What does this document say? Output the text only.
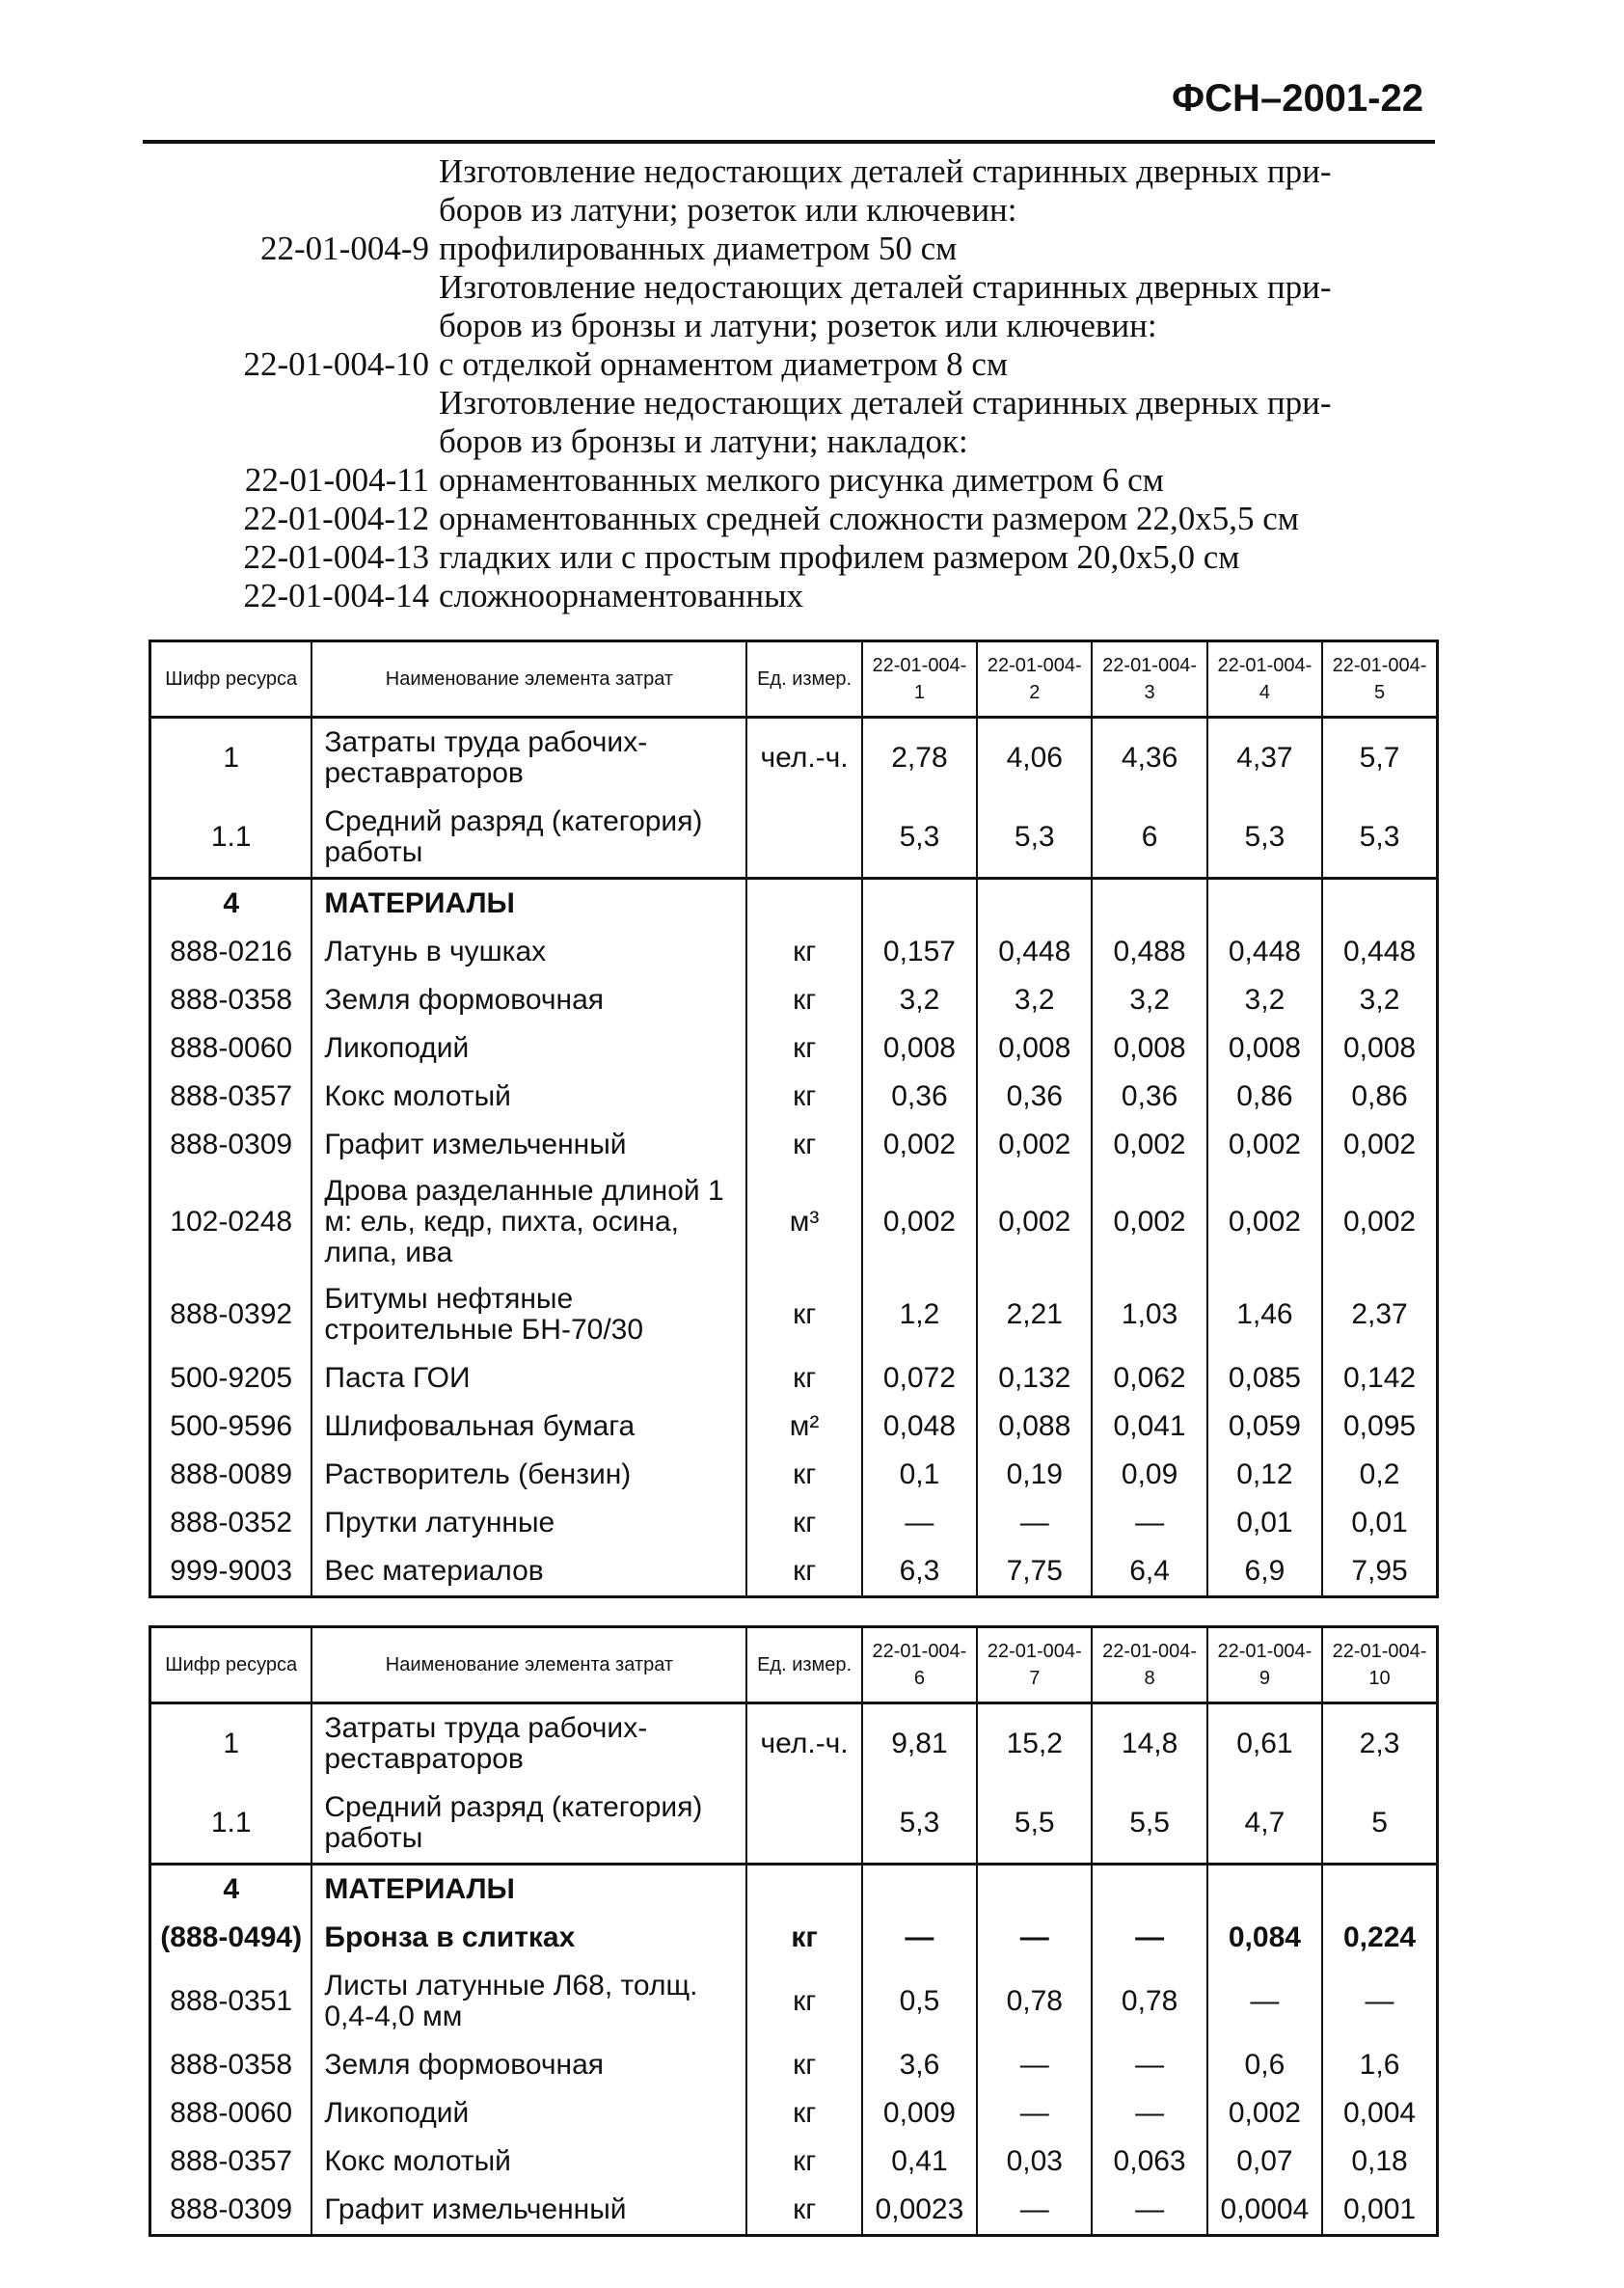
ФСН–2001-22
Изготовление недостающих деталей старинных дверных при-
боров из латуни; розеток или ключевин:
22-01-004-9 профилированных диаметром 50 см
Изготовление недостающих деталей старинных дверных при-
боров из бронзы и латуни; розеток или ключевин:
22-01-004-10 с отделкой орнаментом диаметром 8 см
Изготовление недостающих деталей старинных дверных при-
боров из бронзы и латуни; накладок:
22-01-004-11 орнаментованных мелкого рисунка диметром 6 см
22-01-004-12 орнаментованных средней сложности размером 22,0х5,5 см
22-01-004-13 гладких или с простым профилем размером 20,0х5,0 см
22-01-004-14 сложноорнаментованных
Шифр ресурса	Наименование элемента затрат	Ед. измер.	22-01-004-1	22-01-004-2	22-01-004-3	22-01-004-4	22-01-004-5
1	Затраты труда рабочих-реставраторов	чел.-ч.	2,78	4,06	4,36	4,37	5,7
1.1	Средний разряд (категория) работы		5,3	5,3	6	5,3	5,3
4	МАТЕРИАЛЫ						
888-0216	Латунь в чушках	кг	0,157	0,448	0,488	0,448	0,448
888-0358	Земля формовочная	кг	3,2	3,2	3,2	3,2	3,2
888-0060	Ликоподий	кг	0,008	0,008	0,008	0,008	0,008
888-0357	Кокс молотый	кг	0,36	0,36	0,36	0,86	0,86
888-0309	Графит измельченный	кг	0,002	0,002	0,002	0,002	0,002
102-0248	Дрова разделанные длиной 1 м: ель, кедр, пихта, осина, липа, ива	м³	0,002	0,002	0,002	0,002	0,002
888-0392	Битумы нефтяные строительные БН-70/30	кг	1,2	2,21	1,03	1,46	2,37
500-9205	Паста ГОИ	кг	0,072	0,132	0,062	0,085	0,142
500-9596	Шлифовальная бумага	м²	0,048	0,088	0,041	0,059	0,095
888-0089	Растворитель (бензин)	кг	0,1	0,19	0,09	0,12	0,2
888-0352	Прутки латунные	кг	—	—	—	0,01	0,01
999-9003	Вес материалов	кг	6,3	7,75	6,4	6,9	7,95
Шифр ресурса	Наименование элемента затрат	Ед. измер.	22-01-004-6	22-01-004-7	22-01-004-8	22-01-004-9	22-01-004-10
1	Затраты труда рабочих-реставраторов	чел.-ч.	9,81	15,2	14,8	0,61	2,3
1.1	Средний разряд (категория) работы		5,3	5,5	5,5	4,7	5
4	МАТЕРИАЛЫ						
(888-0494)	Бронза в слитках	кг	—	—	—	0,084	0,224
888-0351	Листы латунные Л68, толщ. 0,4-4,0 мм	кг	0,5	0,78	0,78	—	—
888-0358	Земля формовочная	кг	3,6	—	—	0,6	1,6
888-0060	Ликоподий	кг	0,009	—	—	0,002	0,004
888-0357	Кокс молотый	кг	0,41	0,03	0,063	0,07	0,18
888-0309	Графит измельченный	кг	0,0023	—	—	0,0004	0,001
